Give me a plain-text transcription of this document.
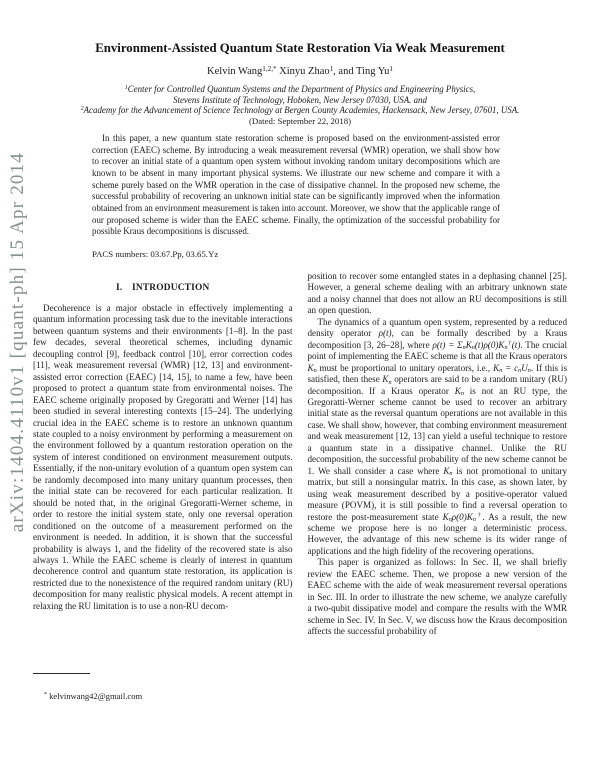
arXiv:1404.4110v1 [quant-ph] 15 Apr 2014
Environment-Assisted Quantum State Restoration Via Weak Measurement
Kelvin Wang$^{1,2,*}$ Xinyu Zhao$^1$, and Ting Yu$^1$
$^1$Center for Controlled Quantum Systems and the Department of Physics and Engineering Physics,
Stevens Institute of Technology, Hoboken, New Jersey 07030, USA. and
$^2$Academy for the Advancement of Science Technology at Bergen County Academies, Hackensack, New Jersey, 07601, USA.
(Dated: September 22, 2018)
In this paper, a new quantum state restoration scheme is proposed based on the environment-assisted error correction (EAEC) scheme. By introducing a weak measurement reversal (WMR) operation, we shall show how to recover an initial state of a quantum open system without invoking random unitary decompositions which are known to be absent in many important physical systems. We illustrate our new scheme and compare it with a scheme purely based on the WMR operation in the case of dissipative channel. In the proposed new scheme, the successful probability of recovering an unknown initial state can be significantly improved when the information obtained from an environment measurement is taken into account. Moreover, we show that the applicable range of our proposed scheme is wider than the EAEC scheme. Finally, the optimization of the successful probability for possible Kraus decompositions is discussed.
PACS numbers: 03.67.Pp, 03.65.Yz
I. INTRODUCTION

Decoherence is a major obstacle in effectively implementing a quantum information processing task due to the inevitable interactions between quantum systems and their environments [1–8]. In the past few decades, several theoretical schemes, including dynamic decoupling control [9], feedback control [10], error correction codes [11], weak measurement reversal (WMR) [12, 13] and environment-assisted error correction (EAEC) [14, 15], to name a few, have been proposed to protect a quantum state from environmental noises. The EAEC scheme originally proposed by Gregoratti and Werner [14] has been studied in several interesting contexts [15–24]. The underlying crucial idea in the EAEC scheme is to restore an unknown quantum state coupled to a noisy environment by performing a measurement on the environment followed by a quantum restoration operation on the system of interest conditioned on environment measurement outputs. Essentially, if the non-unitary evolution of a quantum open system can be randomly decomposed into many unitary quantum processes, then the initial state can be recovered for each particular realization. It should be noted that, in the original Gregoratti-Werner scheme, in order to restore the initial system state, only one reversal operation conditioned on the outcome of a measurement performed on the environment is needed. In addition, it is shown that the successful probability is always 1, and the fidelity of the recovered state is also always 1. While the EAEC scheme is clearly of interest in quantum decoherence control and quantum state restoration, its application is restricted due to the nonexistence of the required random unitary (RU) decomposition for many realistic physical models. A recent attempt in relaxing the RU limitation is to use a non-RU decom-

position to recover some entangled states in a dephasing channel [25]. However, a general scheme dealing with an arbitrary unknown state and a noisy channel that does not allow an RU decompositions is still an open question.

The dynamics of a quantum open system, represented by a reduced density operator ρ(t), can be formally described by a Kraus decomposition [3, 26–28], where $\rho(t) = \Sigma_nK_n(t)\rho(0)K_n^\dagger(t)$. The crucial point of implementing the EAEC scheme is that all the Kraus operators $K_n$ must be proportional to unitary operators, i.e., $K_n = c_nU_n$. If this is satisfied, then these $K_n$ operators are said to be a random unitary (RU) decomposition. If a Kraus operator $K_n$ is not an RU type, the Gregoratti-Werner scheme cannot be used to recover an arbitrary initial state as the reversal quantum operations are not available in this case. We shall show, however, that combing environment measurement and weak measurement [12, 13] can yield a useful technique to restore a quantum state in a dissipative channel. Unlike the RU decomposition, the successful probability of the new scheme cannot be 1. We shall consider a case where $K_n$ is not promotional to unitary matrix, but still a nonsingular matrix. In this case, as shown later, by using weak measurement described by a positive-operator valued measure (POVM), it is still possible to find a reversal operation to restore the post-measurement state $K_n\rho(0)K_n^\dagger$. As a result, the new scheme we propose here is no longer a deterministic process. However, the advantage of this new scheme is its wider range of applications and the high fidelity of the recovering operations.

This paper is organized as follows: In Sec. II, we shall briefly review the EAEC scheme. Then, we propose a new version of the EAEC scheme with the aide of weak measurement reversal operations in Sec. III. In order to illustrate the new scheme, we analyze carefully a two-qubit dissipative model and compare the results with the WMR scheme in Sec. IV. In Sec. V, we discuss how the Kraus decomposition affects the successful probability of

* kelvinwang42@gmail.com
